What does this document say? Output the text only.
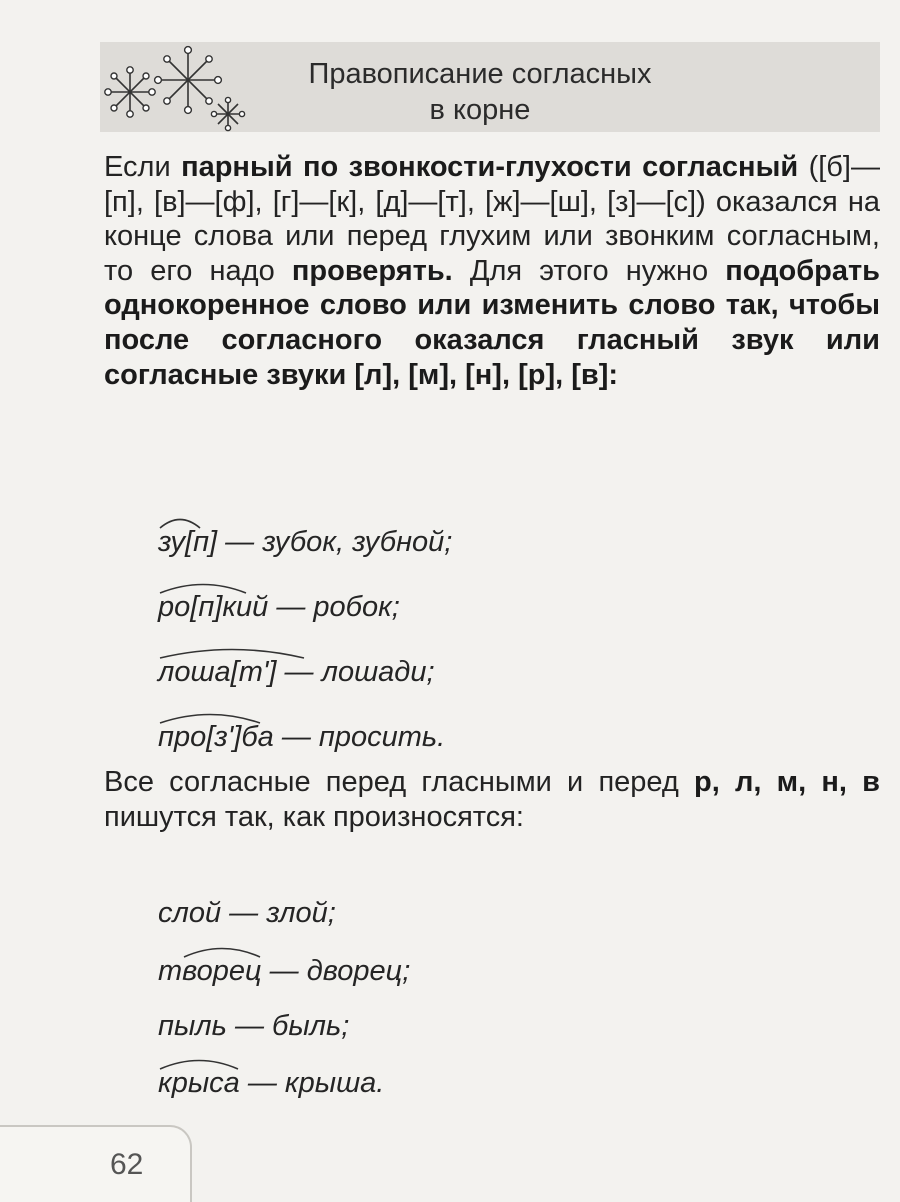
Правописание согласных
в корне
Если парный по звонкости-глухости согласный ([б]—[п], [в]—[ф], [г]—[к], [д]—[т], [ж]—[ш], [з]—[с]) оказался на конце слова или перед глухим или звонким согласным, то его надо проверять. Для этого нужно подобрать однокоренное слово или изменить слово так, чтобы после согласного оказался гласный звук или согласные звуки [л], [м], [н], [р], [в]:
зу[п] — зубок, зубной;
ро[п]кий — робок;
лоша[т'] — лошади;
про[з']ба — просить.
Все согласные перед гласными и перед р, л, м, н, в пишутся так, как произносятся:
слой — злой;
творец — дворец;
пыль — быль;
крыса — крыша.
62
